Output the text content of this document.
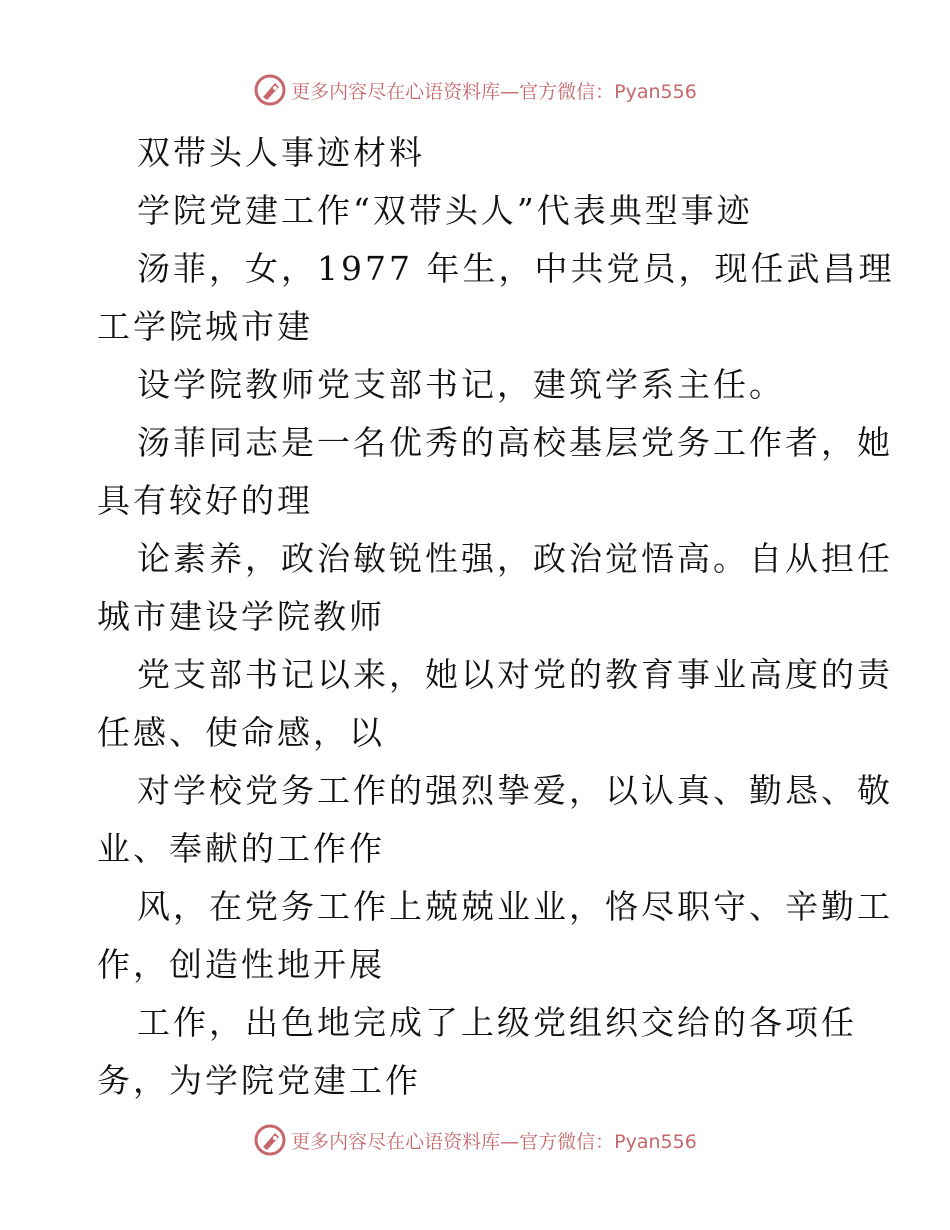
更多内容尽在心语资料库—官方微信：Pyan556

双带头人事迹材料

学院党建工作“双带头人”代表典型事迹

汤菲，女，1977 年生，中共党员，现任武昌理

工学院城市建

设学院教师党支部书记，建筑学系主任。

汤菲同志是一名优秀的高校基层党务工作者，她

具有较好的理

论素养，政治敏锐性强，政治觉悟高。自从担任

城市建设学院教师

党支部书记以来，她以对党的教育事业高度的责

任感、使命感，以

对学校党务工作的强烈挚爱，以认真、勤恳、敬

业、奉献的工作作

风，在党务工作上兢兢业业，恪尽职守、辛勤工

作，创造性地开展

工作，出色地完成了上级党组织交给的各项任

务，为学院党建工作

更多内容尽在心语资料库—官方微信：Pyan556
